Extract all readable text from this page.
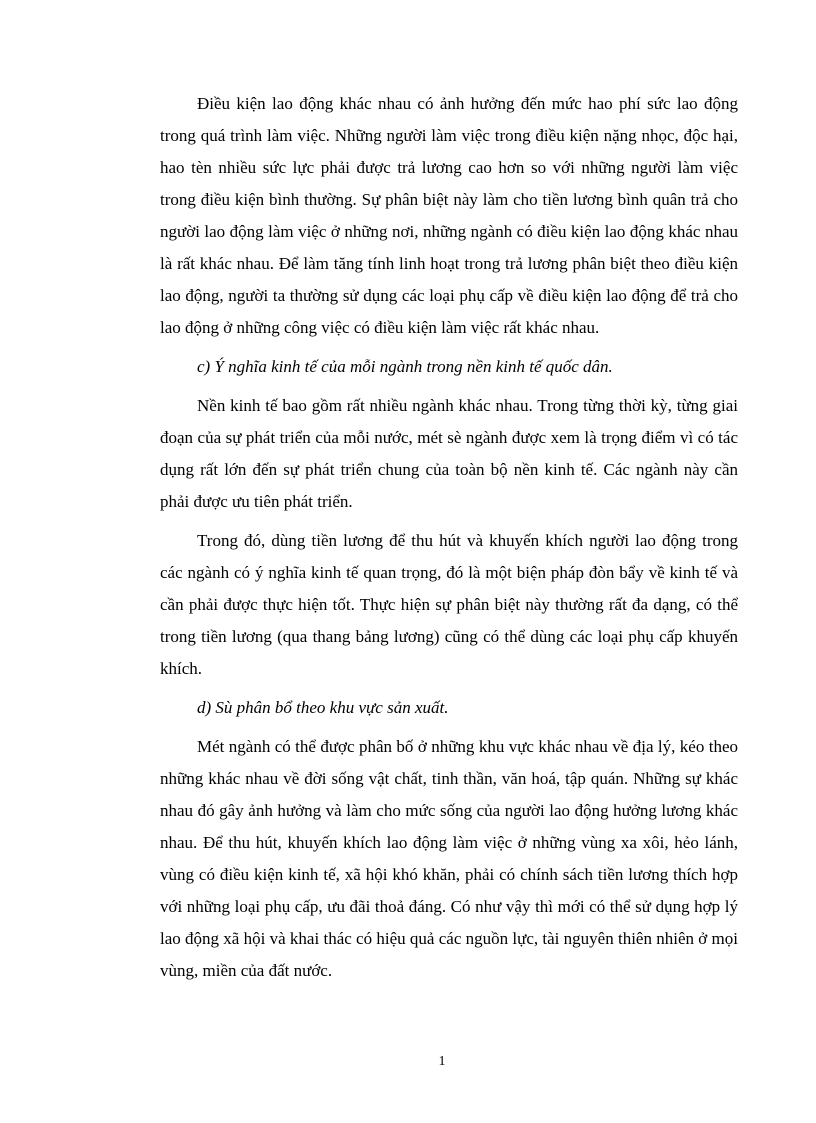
Điều kiện lao động khác nhau có ảnh hưởng đến mức hao phí sức lao động trong quá trình làm việc. Những người làm việc trong điều kiện nặng nhọc, độc hại, hao tèn nhiều sức lực phải được trả lương cao hơn so với những người làm việc trong điều kiện bình thường. Sự phân biệt này làm cho tiền lương bình quân trả cho người lao động làm việc ở những nơi, những ngành có điều kiện lao động khác nhau là rất khác nhau. Để làm tăng tính linh hoạt trong trả lương phân biệt theo điều kiện lao động, người ta thường sử dụng các loại phụ cấp về điều kiện lao động để trả cho lao động ở những công việc có điều kiện làm việc rất khác nhau.

c) Ý nghĩa kinh tế của mỗi ngành trong nền kinh tế quốc dân.

Nền kinh tế bao gồm rất nhiều ngành khác nhau. Trong từng thời kỳ, từng giai đoạn của sự phát triển của mỗi nước, mét sè ngành được xem là trọng điểm vì có tác dụng rất lớn đến sự phát triển chung của toàn bộ nền kinh tế. Các ngành này cần phải được ưu tiên phát triển.

Trong đó, dùng tiền lương để thu hút và khuyến khích người lao động trong các ngành có ý nghĩa kinh tế quan trọng, đó là một biện pháp đòn bẩy về kinh tế và cần phải được thực hiện tốt. Thực hiện sự phân biệt này thường rất đa dạng, có thể trong tiền lương (qua thang bảng lương) cũng có thể dùng các loại phụ cấp khuyến khích.

d) Sù phân bổ theo khu vực sản xuất.

Mét ngành có thể được phân bố ở những khu vực khác nhau về địa lý, kéo theo những khác nhau về đời sống vật chất, tinh thần, văn hoá, tập quán. Những sự khác nhau đó gây ảnh hưởng và làm cho mức sống của người lao động hưởng lương khác nhau. Để thu hút, khuyến khích lao động làm việc ở những vùng xa xôi, hẻo lánh, vùng có điều kiện kinh tế, xã hội khó khăn, phải có chính sách tiền lương thích hợp với những loại phụ cấp, ưu đãi thoả đáng. Có như vậy thì mới có thể sử dụng hợp lý lao động xã hội và khai thác có hiệu quả các nguồn lực, tài nguyên thiên nhiên ở mọi vùng, miền của đất nước.

1
